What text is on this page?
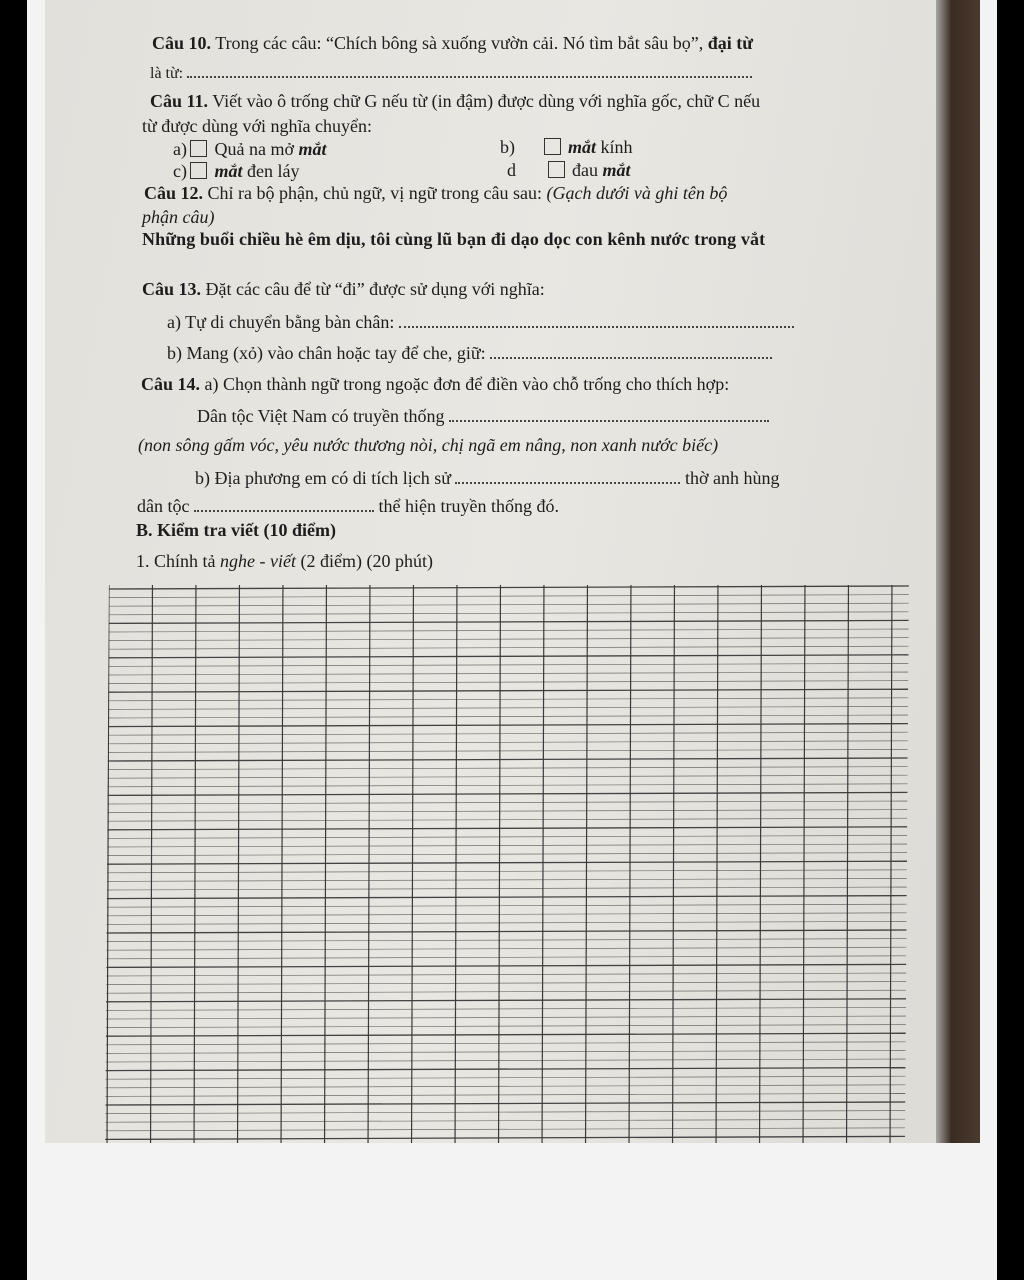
Câu 10. Trong các câu: “Chích bông sà xuống vườn cải. Nó tìm bắt sâu bọ”, đại từ
là từ:
Câu 11. Viết vào ô trống chữ G nếu từ (in đậm) được dùng với nghĩa gốc, chữ C nếu
từ được dùng với nghĩa chuyển:
a) Quả na mở mắt	b)	mắt kính
c) mắt đen láy	d	đau mắt
Câu 12. Chỉ ra bộ phận, chủ ngữ, vị ngữ trong câu sau: (Gạch dưới và ghi tên bộ
phận câu)
Những buổi chiều hè êm dịu, tôi cùng lũ bạn đi dạo dọc con kênh nước trong vắt
Câu 13. Đặt các câu để từ “đi” được sử dụng với nghĩa:
a) Tự di chuyển bằng bàn chân:
b) Mang (xỏ) vào chân hoặc tay để che, giữ:
Câu 14. a) Chọn thành ngữ trong ngoặc đơn để điền vào chỗ trống cho thích hợp:
Dân tộc Việt Nam có truyền thống
(non sông gấm vóc, yêu nước thương nòi, chị ngã em nâng, non xanh nước biếc)
b) Địa phương em có di tích lịch sử	thờ anh hùng
dân tộc	thể hiện truyền thống đó.
B. Kiểm tra viết (10 điểm)
1. Chính tả nghe - viết (2 điểm) (20 phút)
